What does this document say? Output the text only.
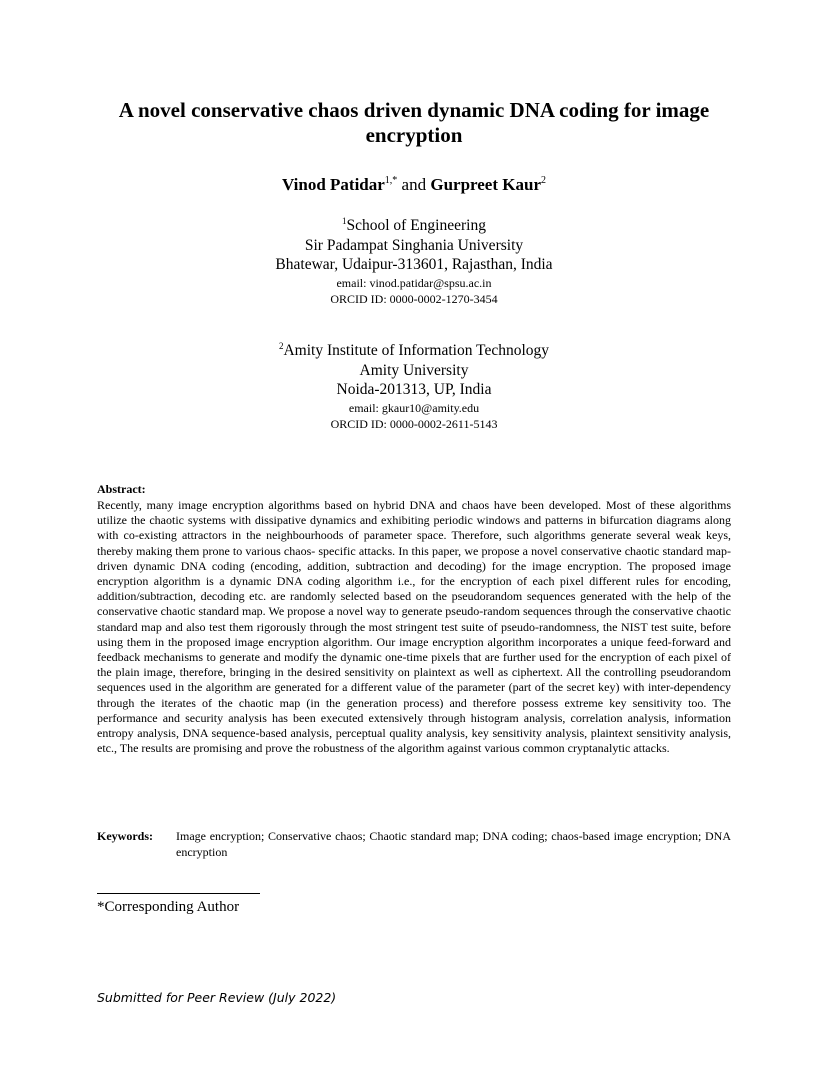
A novel conservative chaos driven dynamic DNA coding for image encryption
Vinod Patidar$^{1,*}$ and Gurpreet Kaur$^2$
$^1$School of Engineering
Sir Padampat Singhania University
Bhatewar, Udaipur-313601, Rajasthan, India
email: vinod.patidar@spsu.ac.in
ORCID ID: 0000-0002-1270-3454
$^2$Amity Institute of Information Technology
Amity University
Noida-201313, UP, India
email: gkaur10@amity.edu
ORCID ID: 0000-0002-2611-5143
Abstract:
Recently, many image encryption algorithms based on hybrid DNA and chaos have been developed. Most of these algorithms utilize the chaotic systems with dissipative dynamics and exhibiting periodic windows and patterns in bifurcation diagrams along with co-existing attractors in the neighbourhoods of parameter space. Therefore, such algorithms generate several weak keys, thereby making them prone to various chaos- specific attacks. In this paper, we propose a novel conservative chaotic standard map-driven dynamic DNA coding (encoding, addition, subtraction and decoding) for the image encryption. The proposed image encryption algorithm is a dynamic DNA coding algorithm i.e., for the encryption of each pixel different rules for encoding, addition/subtraction, decoding etc. are randomly selected based on the pseudorandom sequences generated with the help of the conservative chaotic standard map. We propose a novel way to generate pseudo-random sequences through the conservative chaotic standard map and also test them rigorously through the most stringent test suite of pseudo-randomness, the NIST test suite, before using them in the proposed image encryption algorithm. Our image encryption algorithm incorporates a unique feed-forward and feedback mechanisms to generate and modify the dynamic one-time pixels that are further used for the encryption of each pixel of the plain image, therefore, bringing in the desired sensitivity on plaintext as well as ciphertext. All the controlling pseudorandom sequences used in the algorithm are generated for a different value of the parameter (part of the secret key) with inter-dependency through the iterates of the chaotic map (in the generation process) and therefore possess extreme key sensitivity too. The performance and security analysis has been executed extensively through histogram analysis, correlation analysis, information entropy analysis, DNA sequence-based analysis, perceptual quality analysis, key sensitivity analysis, plaintext sensitivity analysis, etc., The results are promising and prove the robustness of the algorithm against various common cryptanalytic attacks.
Keywords:	Image encryption; Conservative chaos; Chaotic standard map; DNA coding; chaos-based image encryption; DNA encryption
*Corresponding Author
Submitted for Peer Review (July 2022)
